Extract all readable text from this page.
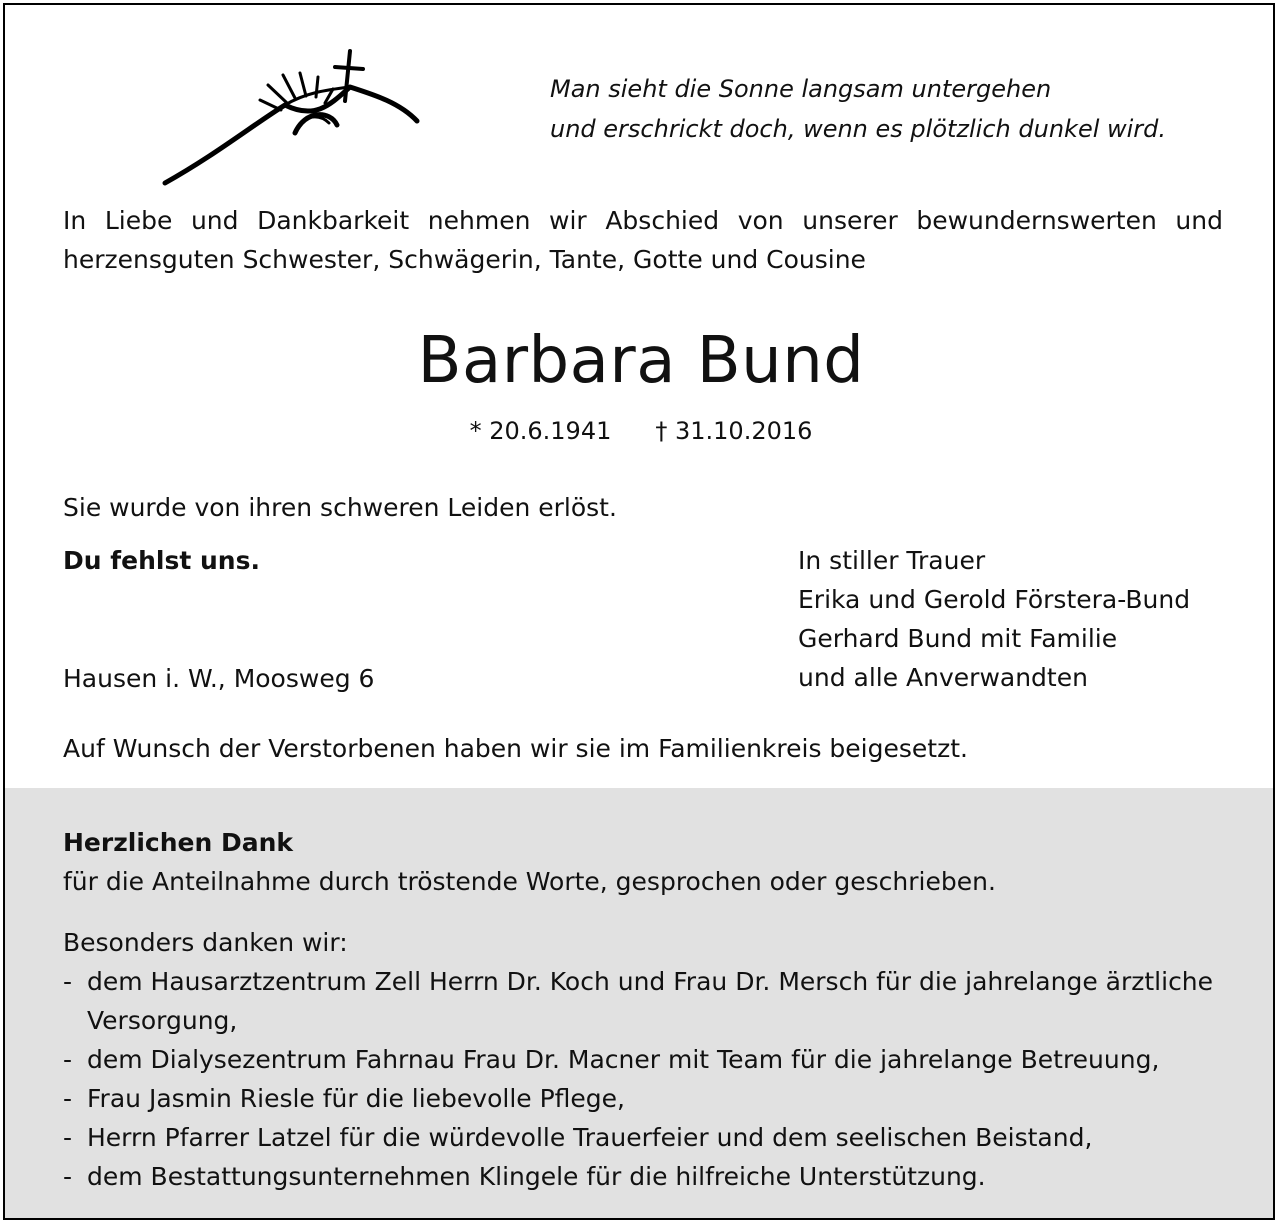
Man sieht die Sonne langsam untergehen
und erschrickt doch, wenn es plötzlich dunkel wird.
In Liebe und Dankbarkeit nehmen wir Abschied von unserer bewundernswerten und herzensguten Schwester, Schwägerin, Tante, Gotte und Cousine
Barbara Bund
* 20.6.1941 † 31.10.2016
Sie wurde von ihren schweren Leiden erlöst.
Du fehlst uns.
Hausen i. W., Moosweg 6
In stiller Trauer
Erika und Gerold Förstera-Bund
Gerhard Bund mit Familie
und alle Anverwandten
Auf Wunsch der Verstorbenen haben wir sie im Familienkreis beigesetzt.
Herzlichen Dank
für die Anteilnahme durch tröstende Worte, gesprochen oder geschrieben.
Besonders danken wir:
- dem Hausarztzentrum Zell Herrn Dr. Koch und Frau Dr. Mersch für die jahrelange ärztliche Versorgung,
- dem Dialysezentrum Fahrnau Frau Dr. Macner mit Team für die jahrelange Betreuung,
- Frau Jasmin Riesle für die liebevolle Pflege,
- Herrn Pfarrer Latzel für die würdevolle Trauerfeier und dem seelischen Beistand,
- dem Bestattungsunternehmen Klingele für die hilfreiche Unterstützung.
